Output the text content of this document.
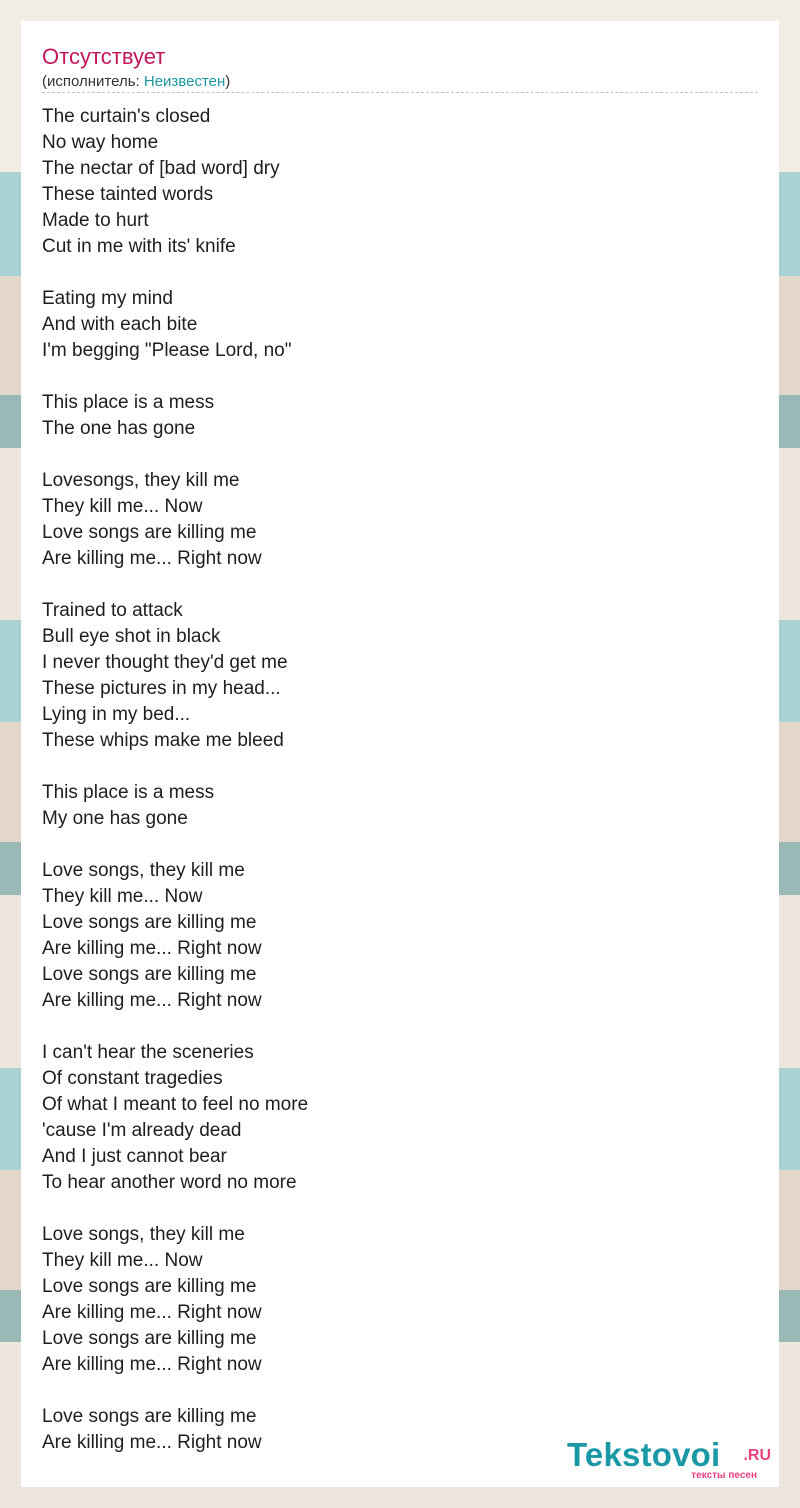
Отсутствует
(исполнитель: Неизвестен)
The curtain's closed
No way home
The nectar of [bad word] dry
These tainted words
Made to hurt
Cut in me with its' knife
Eating my mind
And with each bite
I'm begging "Please Lord, no"
This place is a mess
The one has gone
Lovesongs, they kill me
They kill me... Now
Love songs are killing me
Are killing me... Right now
Trained to attack
Bull eye shot in black
I never thought they'd get me
These pictures in my head...
Lying in my bed...
These whips make me bleed
This place is a mess
My one has gone
Love songs, they kill me
They kill me... Now
Love songs are killing me
Are killing me... Right now
Love songs are killing me
Are killing me... Right now
I can't hear the sceneries
Of constant tragedies
Of what I meant to feel no more
'cause I'm already dead
And I just cannot bear
To hear another word no more
Love songs, they kill me
They kill me... Now
Love songs are killing me
Are killing me... Right now
Love songs are killing me
Are killing me... Right now
Love songs are killing me
Are killing me... Right now	Tekstovoi .RU
тексты песен
